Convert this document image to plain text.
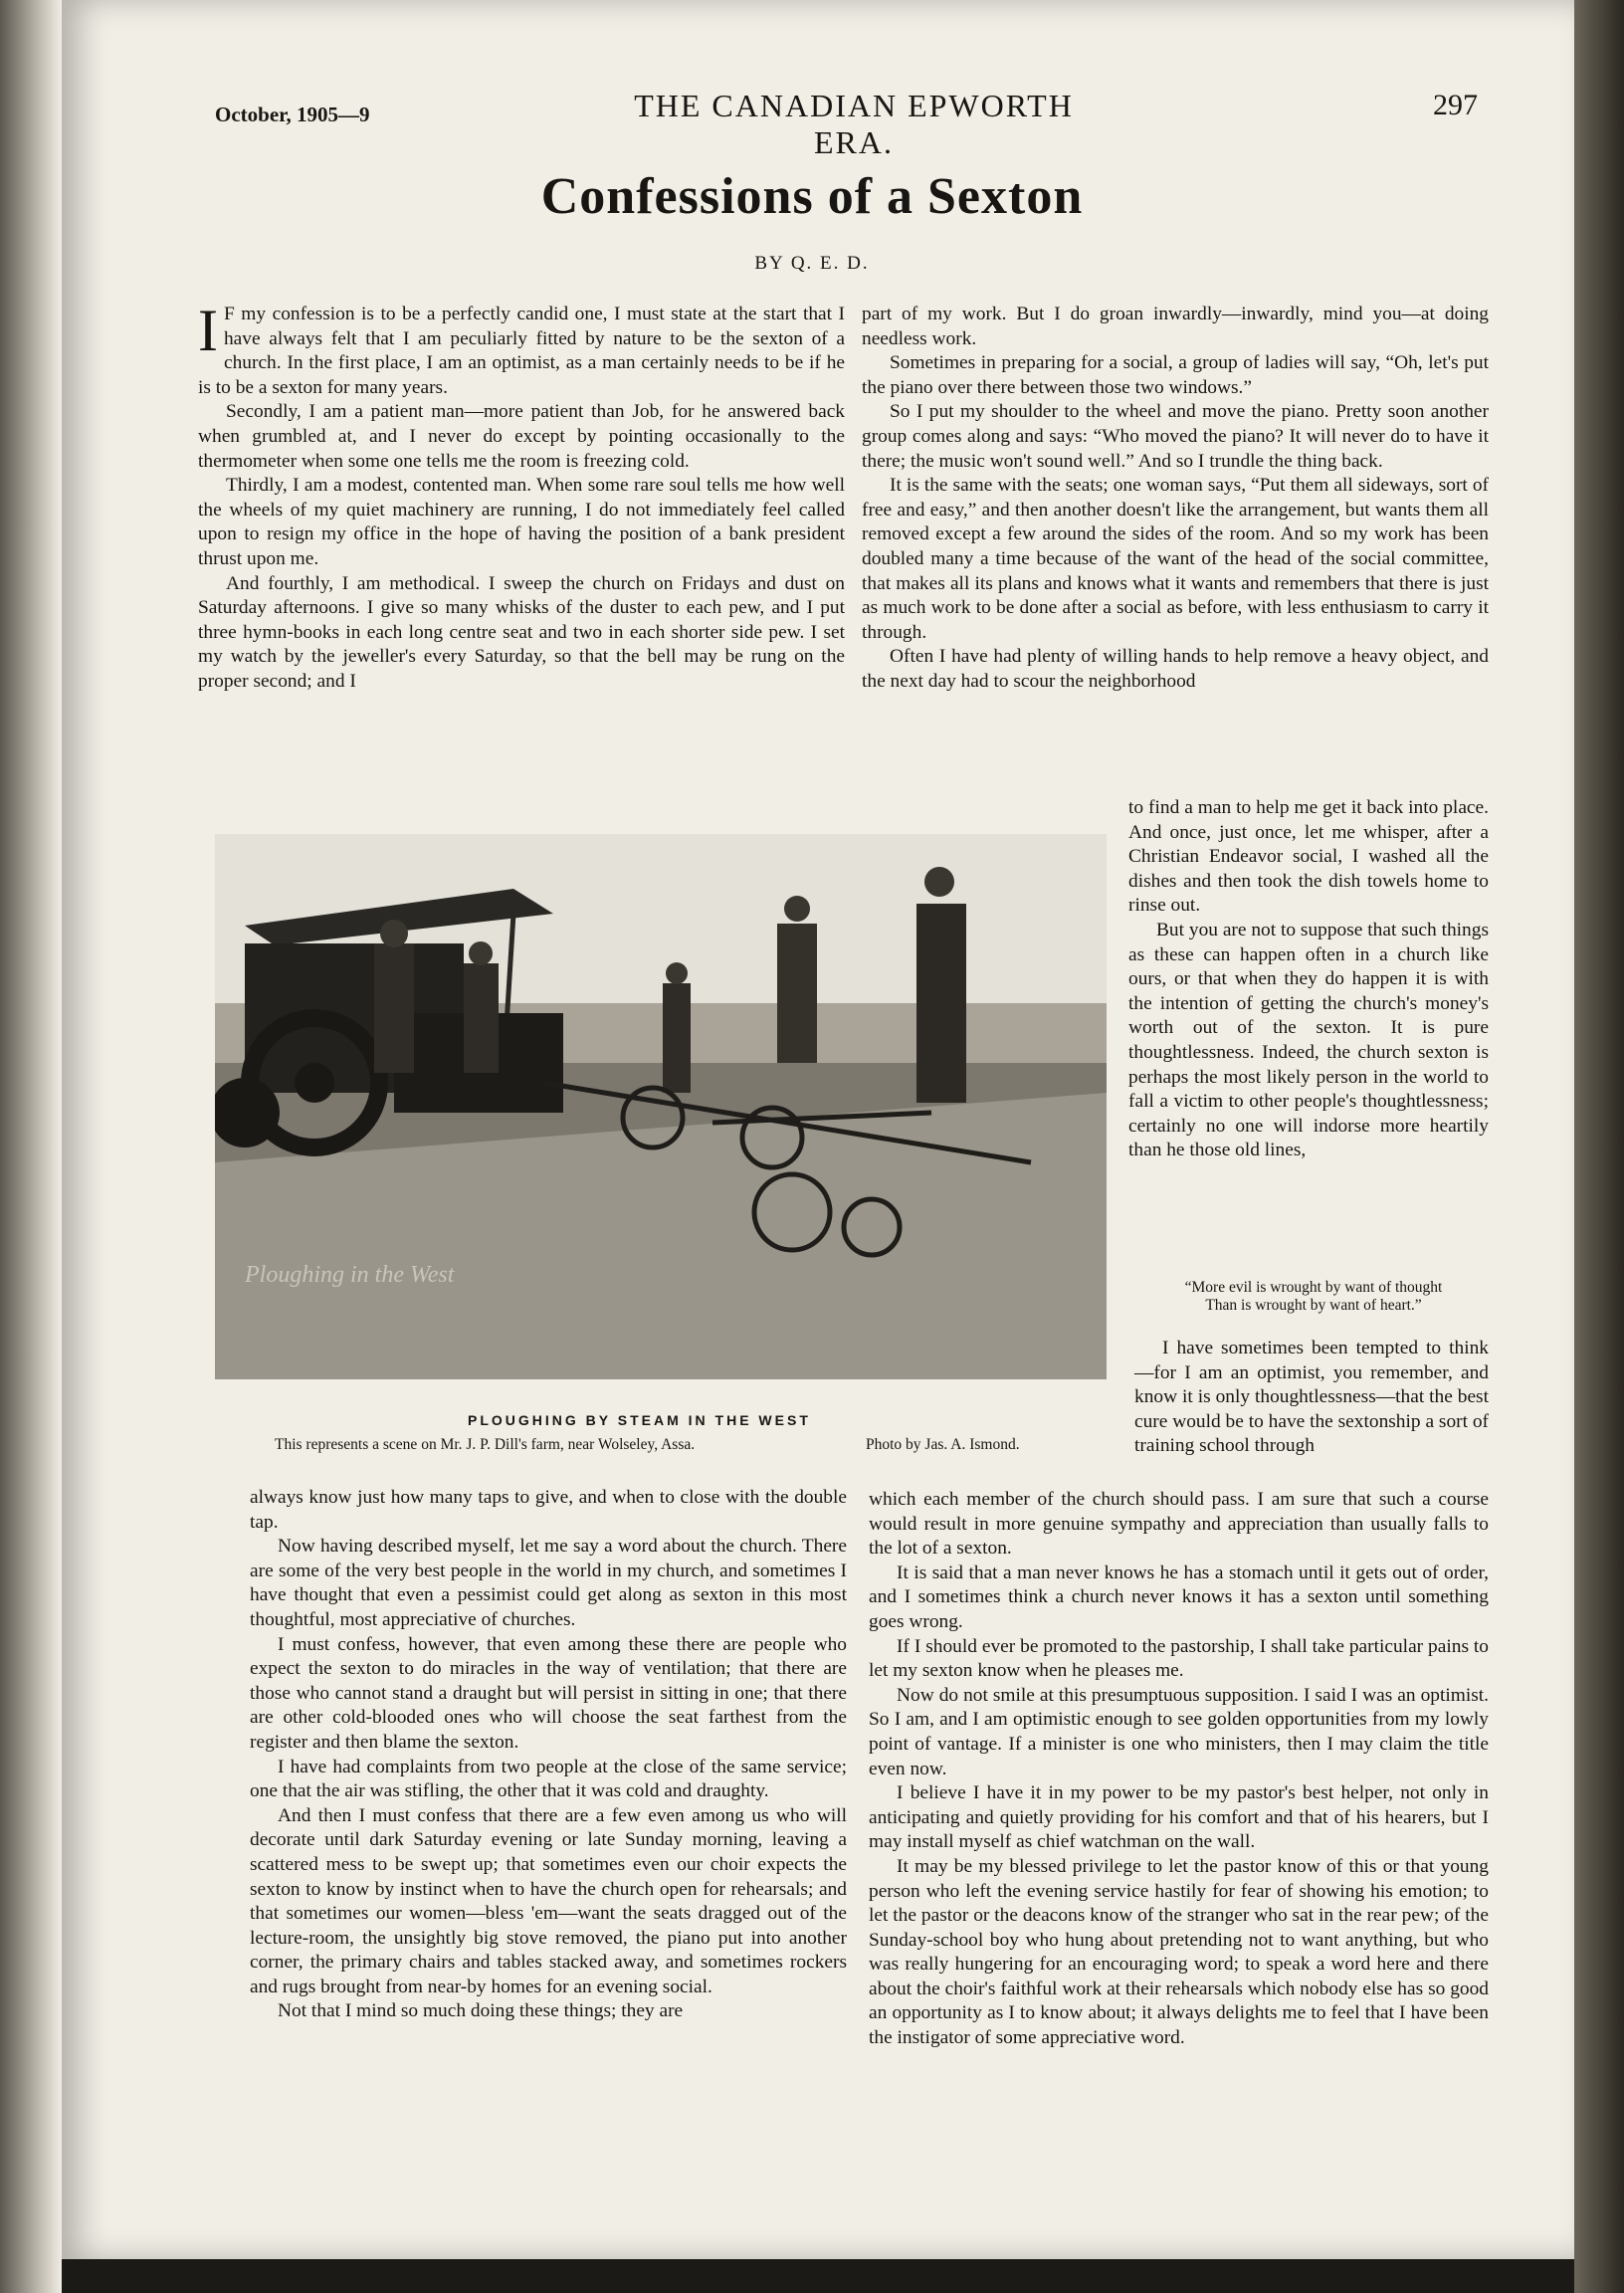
October, 1905—9	THE CANADIAN EPWORTH ERA.
297
Confessions of a Sexton
BY Q. E. D.

I F my confession is to be a perfectly candid one, I must state at the start that I have always felt that I am peculiarly fitted by nature to be the sexton of a church. In the first place, I am an optimist, as a man certainly needs to be if he is to be a sexton for many years.

Secondly, I am a patient man—more patient than Job, for he answered back when grumbled at, and I never do except by pointing occasionally to the thermometer when some one tells me the room is freezing cold.

Thirdly, I am a modest, contented man. When some rare soul tells me how well the wheels of my quiet machinery are running, I do not immediately feel called upon to resign my office in the hope of having the position of a bank president thrust upon me.

And fourthly, I am methodical. I sweep the church on Fridays and dust on Saturday afternoons. I give so many whisks of the duster to each pew, and I put three hymn-books in each long centre seat and two in each shorter side pew. I set my watch by the jeweller's every Saturday, so that the bell may be rung on the proper second; and I

part of my work. But I do groan inwardly—inwardly, mind you—at doing needless work.

Sometimes in preparing for a social, a group of ladies will say, “Oh, let's put the piano over there between those two windows.”

So I put my shoulder to the wheel and move the piano. Pretty soon another group comes along and says: “Who moved the piano? It will never do to have it there; the music won't sound well.” And so I trundle the thing back.

It is the same with the seats; one woman says, “Put them all sideways, sort of free and easy,” and then another doesn't like the arrangement, but wants them all removed except a few around the sides of the room. And so my work has been doubled many a time because of the want of the head of the social committee, that makes all its plans and knows what it wants and remembers that there is just as much work to be done after a social as before, with less enthusiasm to carry it through.

Often I have had plenty of willing hands to help remove a heavy object, and the next day had to scour the neighborhood

to find a man to help me get it back into place. And once, just once, let me whisper, after a Christian Endeavor social, I washed all the dishes and then took the dish towels home to rinse out.

But you are not to suppose that such things as these can happen often in a church like ours, or that when they do happen it is with the intention of getting the church's money's worth out of the sexton. It is pure thoughtlessness. Indeed, the church sexton is perhaps the most likely person in the world to fall a victim to other people's thoughtlessness; certainly no one will indorse more heartily than he those old lines,

“More evil is wrought by want of thought
Than is wrought by want of heart.”

I have sometimes been tempted to think—for I am an optimist, you remember, and know it is only thoughtlessness—that the best cure would be to have the sextonship a sort of training school through

Ploughing in the West
PLOUGHING BY STEAM IN THE WEST
This represents a scene on Mr. J. P. Dill's farm, near Wolseley, Assa.	Photo by Jas. A. Ismond.

always know just how many taps to give, and when to close with the double tap.

Now having described myself, let me say a word about the church. There are some of the very best people in the world in my church, and sometimes I have thought that even a pessimist could get along as sexton in this most thoughtful, most appreciative of churches.

I must confess, however, that even among these there are people who expect the sexton to do miracles in the way of ventilation; that there are those who cannot stand a draught but will persist in sitting in one; that there are other cold-blooded ones who will choose the seat farthest from the register and then blame the sexton.

I have had complaints from two people at the close of the same service; one that the air was stifling, the other that it was cold and draughty.

And then I must confess that there are a few even among us who will decorate until dark Saturday evening or late Sunday morning, leaving a scattered mess to be swept up; that sometimes even our choir expects the sexton to know by instinct when to have the church open for rehearsals; and that sometimes our women—bless 'em—want the seats dragged out of the lecture-room, the unsightly big stove removed, the piano put into another corner, the primary chairs and tables stacked away, and sometimes rockers and rugs brought from near-by homes for an evening social.

Not that I mind so much doing these things; they are

which each member of the church should pass. I am sure that such a course would result in more genuine sympathy and appreciation than usually falls to the lot of a sexton.

It is said that a man never knows he has a stomach until it gets out of order, and I sometimes think a church never knows it has a sexton until something goes wrong.

If I should ever be promoted to the pastorship, I shall take particular pains to let my sexton know when he pleases me.

Now do not smile at this presumptuous supposition. I said I was an optimist. So I am, and I am optimistic enough to see golden opportunities from my lowly point of vantage. If a minister is one who ministers, then I may claim the title even now.

I believe I have it in my power to be my pastor's best helper, not only in anticipating and quietly providing for his comfort and that of his hearers, but I may install myself as chief watchman on the wall.

It may be my blessed privilege to let the pastor know of this or that young person who left the evening service hastily for fear of showing his emotion; to let the pastor or the deacons know of the stranger who sat in the rear pew; of the Sunday-school boy who hung about pretending not to want anything, but who was really hungering for an encouraging word; to speak a word here and there about the choir's faithful work at their rehearsals which nobody else has so good an opportunity as I to know about; it always delights me to feel that I have been the instigator of some appreciative word.
